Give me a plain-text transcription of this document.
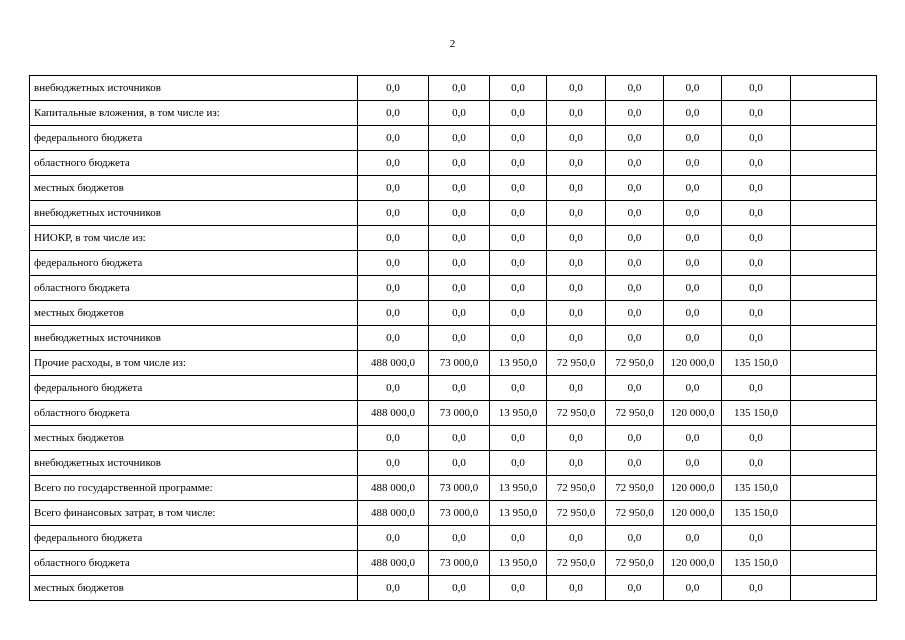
2
внебюджетных источников	0,0	0,0	0,0	0,0	0,0	0,0	0,0	
Капитальные вложения, в том числе из:	0,0	0,0	0,0	0,0	0,0	0,0	0,0	
федерального бюджета	0,0	0,0	0,0	0,0	0,0	0,0	0,0	
областного бюджета	0,0	0,0	0,0	0,0	0,0	0,0	0,0	
местных бюджетов	0,0	0,0	0,0	0,0	0,0	0,0	0,0	
внебюджетных источников	0,0	0,0	0,0	0,0	0,0	0,0	0,0	
НИОКР, в том числе из:	0,0	0,0	0,0	0,0	0,0	0,0	0,0	
федерального бюджета	0,0	0,0	0,0	0,0	0,0	0,0	0,0	
областного бюджета	0,0	0,0	0,0	0,0	0,0	0,0	0,0	
местных бюджетов	0,0	0,0	0,0	0,0	0,0	0,0	0,0	
внебюджетных источников	0,0	0,0	0,0	0,0	0,0	0,0	0,0	
Прочие расходы, в том числе из:	488 000,0	73 000,0	13 950,0	72 950,0	72 950,0	120 000,0	135 150,0	
федерального бюджета	0,0	0,0	0,0	0,0	0,0	0,0	0,0	
областного бюджета	488 000,0	73 000,0	13 950,0	72 950,0	72 950,0	120 000,0	135 150,0	
местных бюджетов	0,0	0,0	0,0	0,0	0,0	0,0	0,0	
внебюджетных источников	0,0	0,0	0,0	0,0	0,0	0,0	0,0	
Всего по государственной программе:	488 000,0	73 000,0	13 950,0	72 950,0	72 950,0	120 000,0	135 150,0	
Всего финансовых затрат, в том числе:	488 000,0	73 000,0	13 950,0	72 950,0	72 950,0	120 000,0	135 150,0	
федерального бюджета	0,0	0,0	0,0	0,0	0,0	0,0	0,0	
областного бюджета	488 000,0	73 000,0	13 950,0	72 950,0	72 950,0	120 000,0	135 150,0	
местных бюджетов	0,0	0,0	0,0	0,0	0,0	0,0	0,0	
